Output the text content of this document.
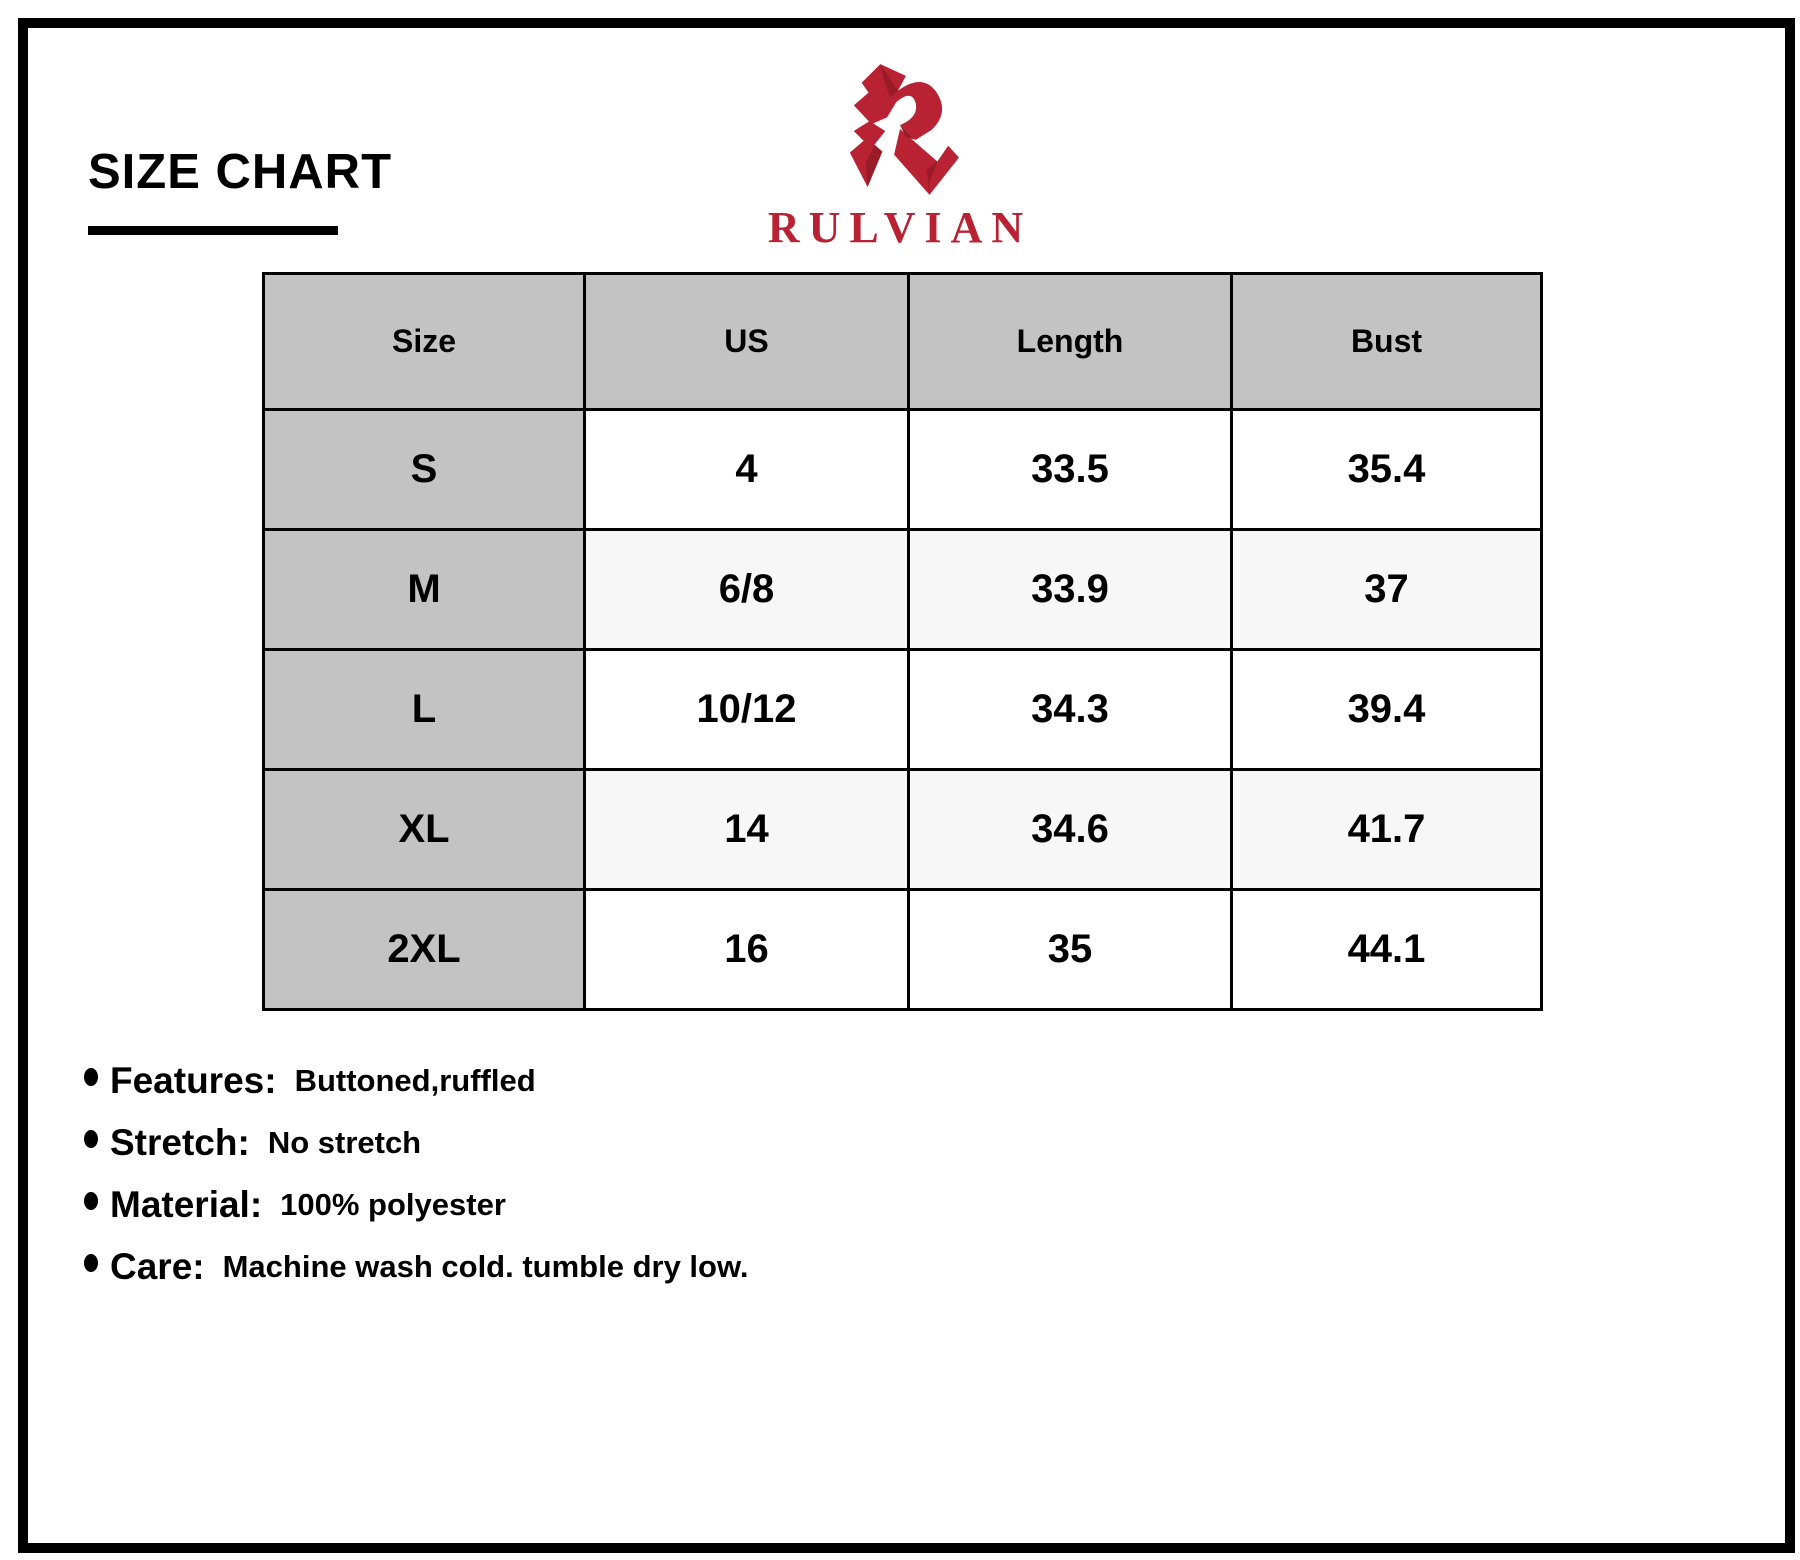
SIZE CHART
RULVIAN
Size	US	Length	Bust
S	4	33.5	35.4
M	6/8	33.9	37
L	10/12	34.3	39.4
XL	14	34.6	41.7
2XL	16	35	44.1
Features: Buttoned,ruffled
Stretch: No stretch
Material: 100% polyester
Care: Machine wash cold. tumble dry low.
